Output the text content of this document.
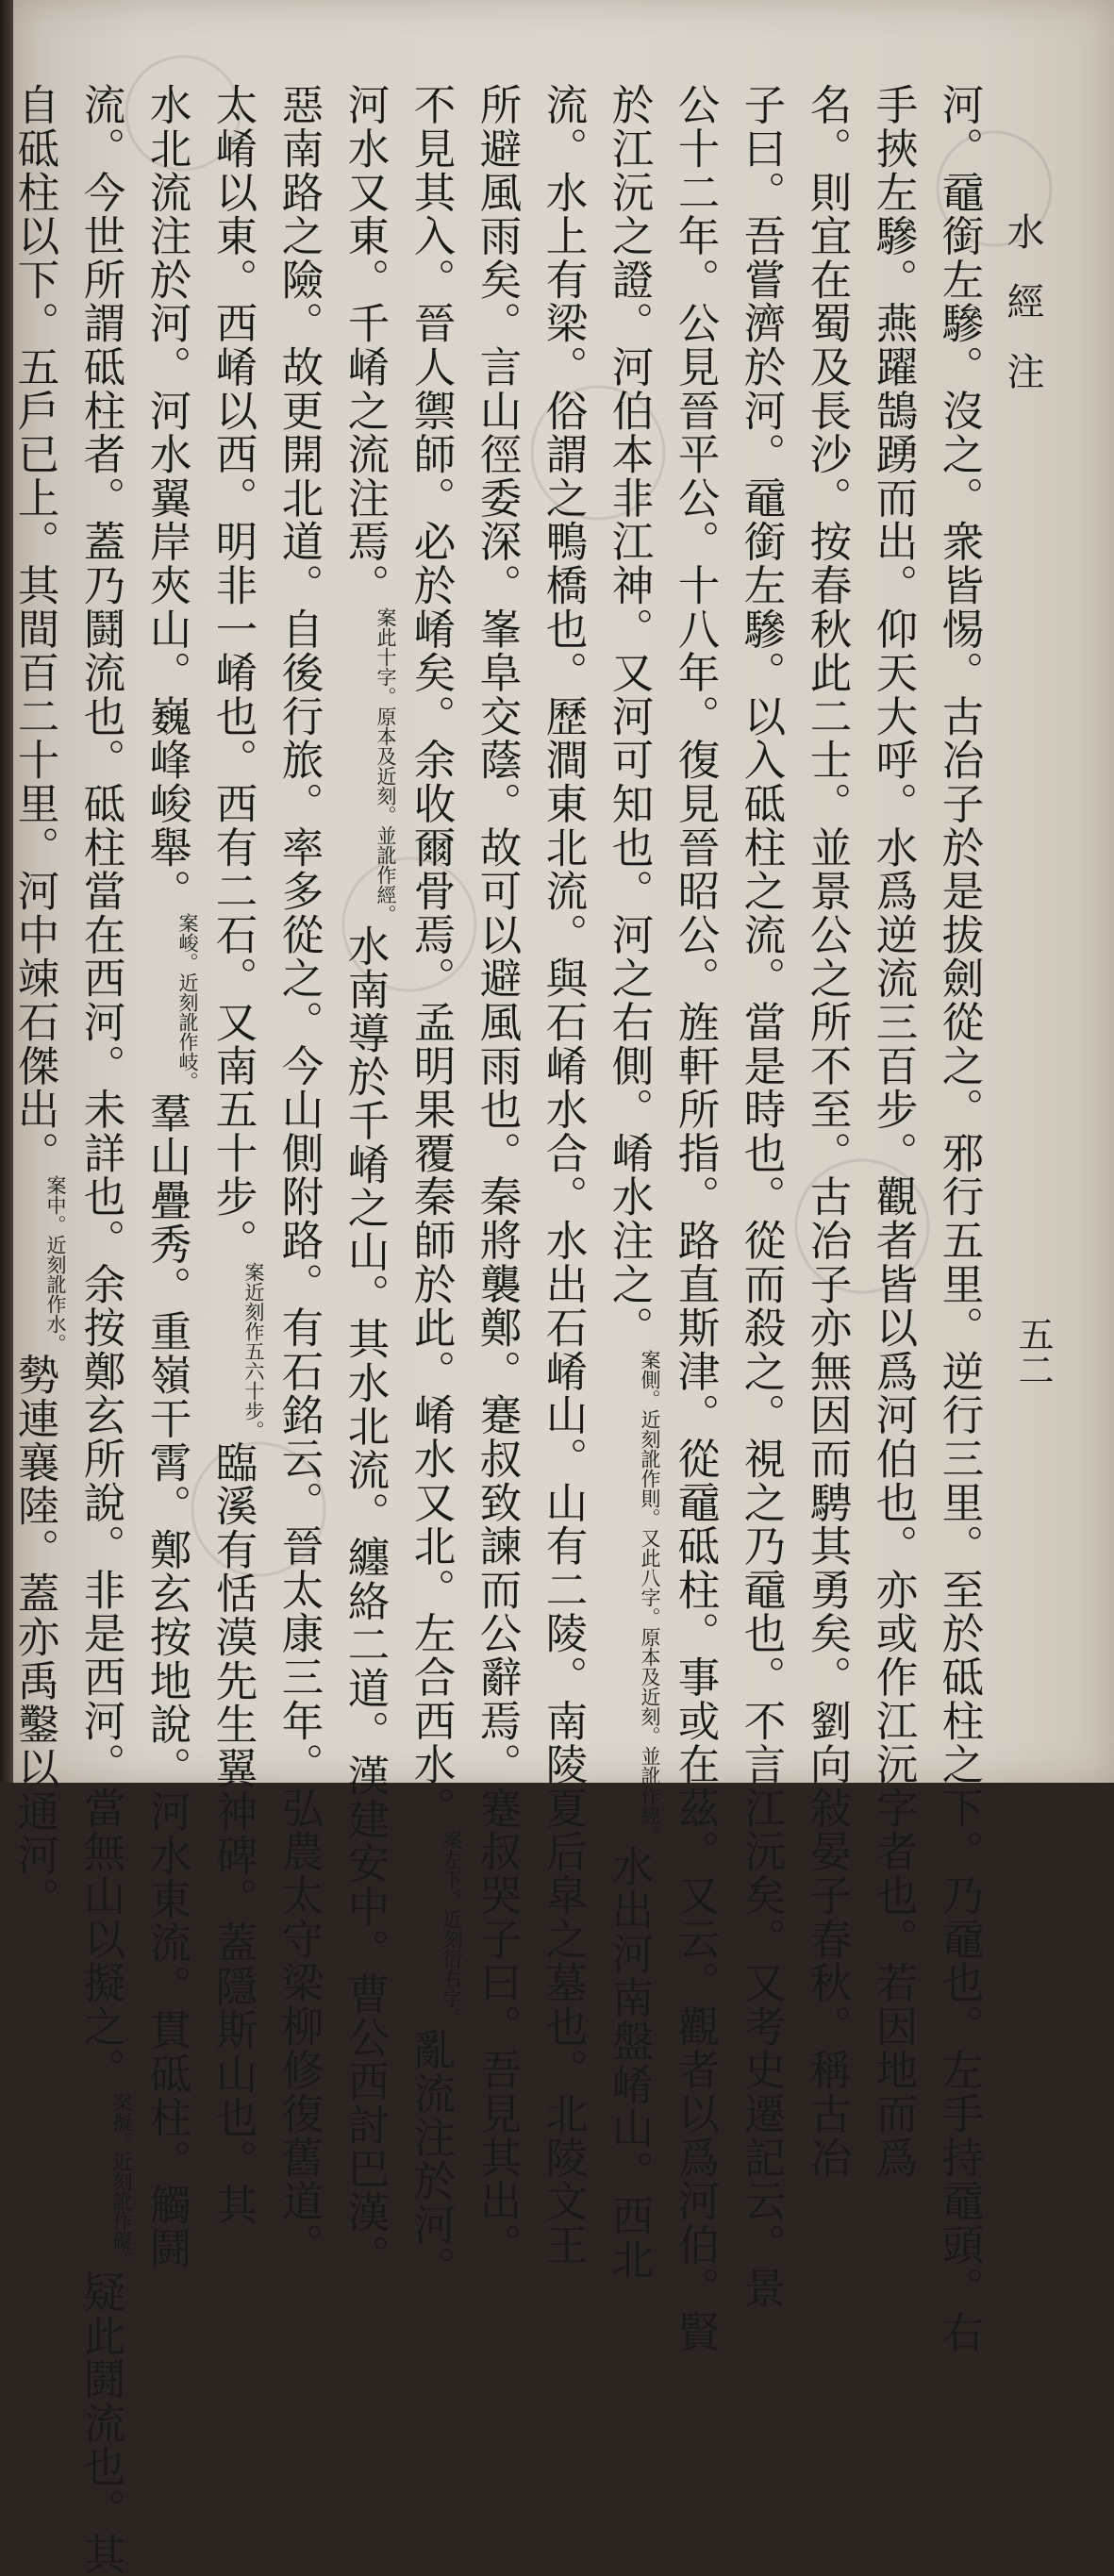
水經注
五二
河。黿銜左驂。沒之。衆皆惕。古冶子於是拔劍從之。邪行五里。逆行三里。至於砥柱之下。乃黿也。左手持黿頭。右 手挾左驂。燕躍鵠踴而出。仰天大呼。水爲逆流三百步。觀者皆以爲河伯也。亦或作江沅字者也。若因地而爲 名。則宜在蜀及長沙。按春秋此二士。並景公之所不至。古冶子亦無因而騁其勇矣。劉向敍晏子春秋。稱古冶 子曰。吾嘗濟於河。黿銜左驂。以入砥柱之流。當是時也。從而殺之。視之乃黿也。不言江沅矣。又考史遷記云。景 公十二年。公見晉平公。十八年。復見晉昭公。旌軒所指。路直斯津。從黿砥柱。事或在茲。又云。觀者以爲河伯。賢 於江沅之證。河伯本非江神。又河可知也。河之右側。崤水注之。案側。近刻訛作則。又此八字。原本及近刻。並訛作經。水出河南盤崤山。西北 流。水上有梁。俗謂之鴨橋也。歷澗東北流。與石崤水合。水出石崤山。山有二陵。南陵夏后皐之墓也。北陵文王 所避風雨矣。言山徑委深。峯阜交蔭。故可以避風雨也。秦將襲鄭。蹇叔致諫而公辭焉。蹇叔哭子曰。吾見其出。 不見其入。晉人禦師。必於崤矣。余收爾骨焉。孟明果覆秦師於此。崤水又北。左合西水。案左下。近刻衍右字。亂流注於河。 河水又東。千崤之流注焉。案此十字。原本及近刻。並訛作經。水南導於千崤之山。其水北流。纏絡二道。漢建安中。曹公西討巴漢。 惡南路之險。故更開北道。自後行旅。率多從之。今山側附路。有石銘云。晉太康三年。弘農太守梁柳修復舊道。 太崤以東。西崤以西。明非一崤也。西有二石。又南五十步。案近刻作五六十步。臨溪有恬漠先生翼神碑。蓋隱斯山也。其 水北流注於河。河水翼岸夾山。巍峰峻舉。案峻。近刻訛作岐。羣山疊秀。重嶺干霄。鄭玄按地說。河水東流。貫砥柱。觸鬪 流。今世所謂砥柱者。蓋乃鬪流也。砥柱當在西河。未詳也。余按鄭玄所說。非是西河。當無山以擬之。案擬。近刻訛作礙。疑此鬪流也。其 自砥柱以下。五戶已上。其間百二十里。河中竦石傑出。案中。近刻訛作水。勢連襄陸。蓋亦禹鑿以通河。
